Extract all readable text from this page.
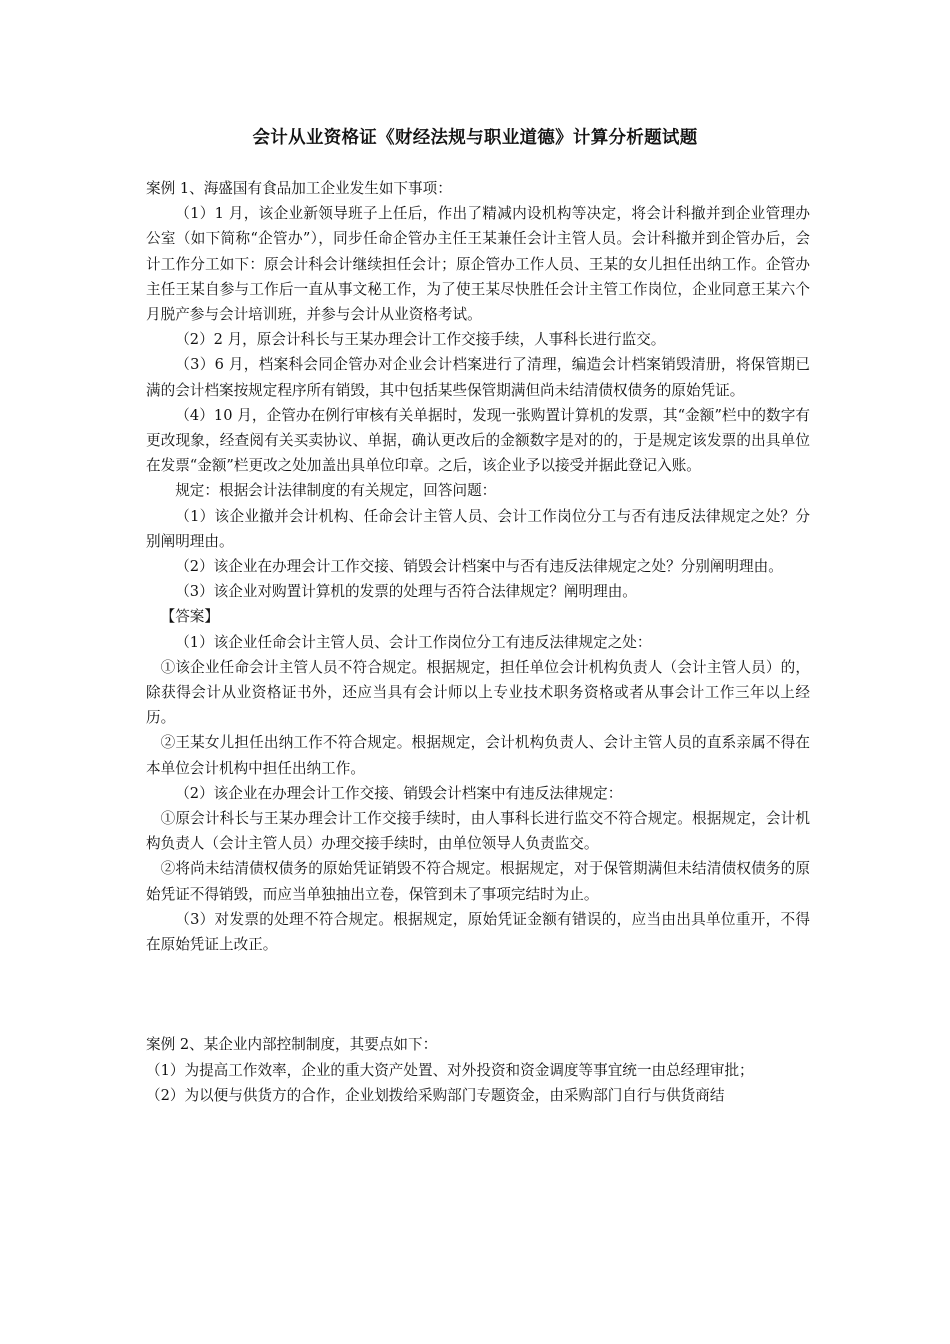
会计从业资格证《财经法规与职业道德》计算分析题试题

案例 1、海盛国有食品加工企业发生如下事项：

（1）1 月，该企业新领导班子上任后，作出了精减内设机构等决定，将会计科撤并到企业管理办公室（如下简称“企管办”），同步任命企管办主任王某兼任会计主管人员。会计科撤并到企管办后，会计工作分工如下：原会计科会计继续担任会计；原企管办工作人员、王某的女儿担任出纳工作。企管办主任王某自参与工作后一直从事文秘工作，为了使王某尽快胜任会计主管工作岗位，企业同意王某六个月脱产参与会计培训班，并参与会计从业资格考试。

（2）2 月，原会计科长与王某办理会计工作交接手续，人事科长进行监交。

（3）6 月，档案科会同企管办对企业会计档案进行了清理，编造会计档案销毁清册，将保管期已满的会计档案按规定程序所有销毁，其中包括某些保管期满但尚未结清债权债务的原始凭证。

（4）10 月，企管办在例行审核有关单据时，发现一张购置计算机的发票，其“金额”栏中的数字有更改现象，经查阅有关买卖协议、单据，确认更改后的金额数字是对的的，于是规定该发票的出具单位在发票“金额”栏更改之处加盖出具单位印章。之后，该企业予以接受并据此登记入账。

规定：根据会计法律制度的有关规定，回答问题：

（1）该企业撤并会计机构、任命会计主管人员、会计工作岗位分工与否有违反法律规定之处？分别阐明理由。

（2）该企业在办理会计工作交接、销毁会计档案中与否有违反法律规定之处？分别阐明理由。

（3）该企业对购置计算机的发票的处理与否符合法律规定？阐明理由。

【答案】

（1）该企业任命会计主管人员、会计工作岗位分工有违反法律规定之处：

①该企业任命会计主管人员不符合规定。根据规定，担任单位会计机构负责人（会计主管人员）的，除获得会计从业资格证书外，还应当具有会计师以上专业技术职务资格或者从事会计工作三年以上经历。

②王某女儿担任出纳工作不符合规定。根据规定，会计机构负责人、会计主管人员的直系亲属不得在本单位会计机构中担任出纳工作。

（2）该企业在办理会计工作交接、销毁会计档案中有违反法律规定：

①原会计科长与王某办理会计工作交接手续时，由人事科长进行监交不符合规定。根据规定，会计机构负责人（会计主管人员）办理交接手续时，由单位领导人负责监交。

②将尚未结清债权债务的原始凭证销毁不符合规定。根据规定，对于保管期满但未结清债权债务的原始凭证不得销毁，而应当单独抽出立卷，保管到未了事项完结时为止。

（3）对发票的处理不符合规定。根据规定，原始凭证金额有错误的，应当由出具单位重开，不得在原始凭证上改正。

案例 2、某企业内部控制制度，其要点如下：

（1）为提高工作效率，企业的重大资产处置、对外投资和资金调度等事宜统一由总经理审批；

（2）为以便与供货方的合作，企业划拨给采购部门专题资金，由采购部门自行与供货商结
